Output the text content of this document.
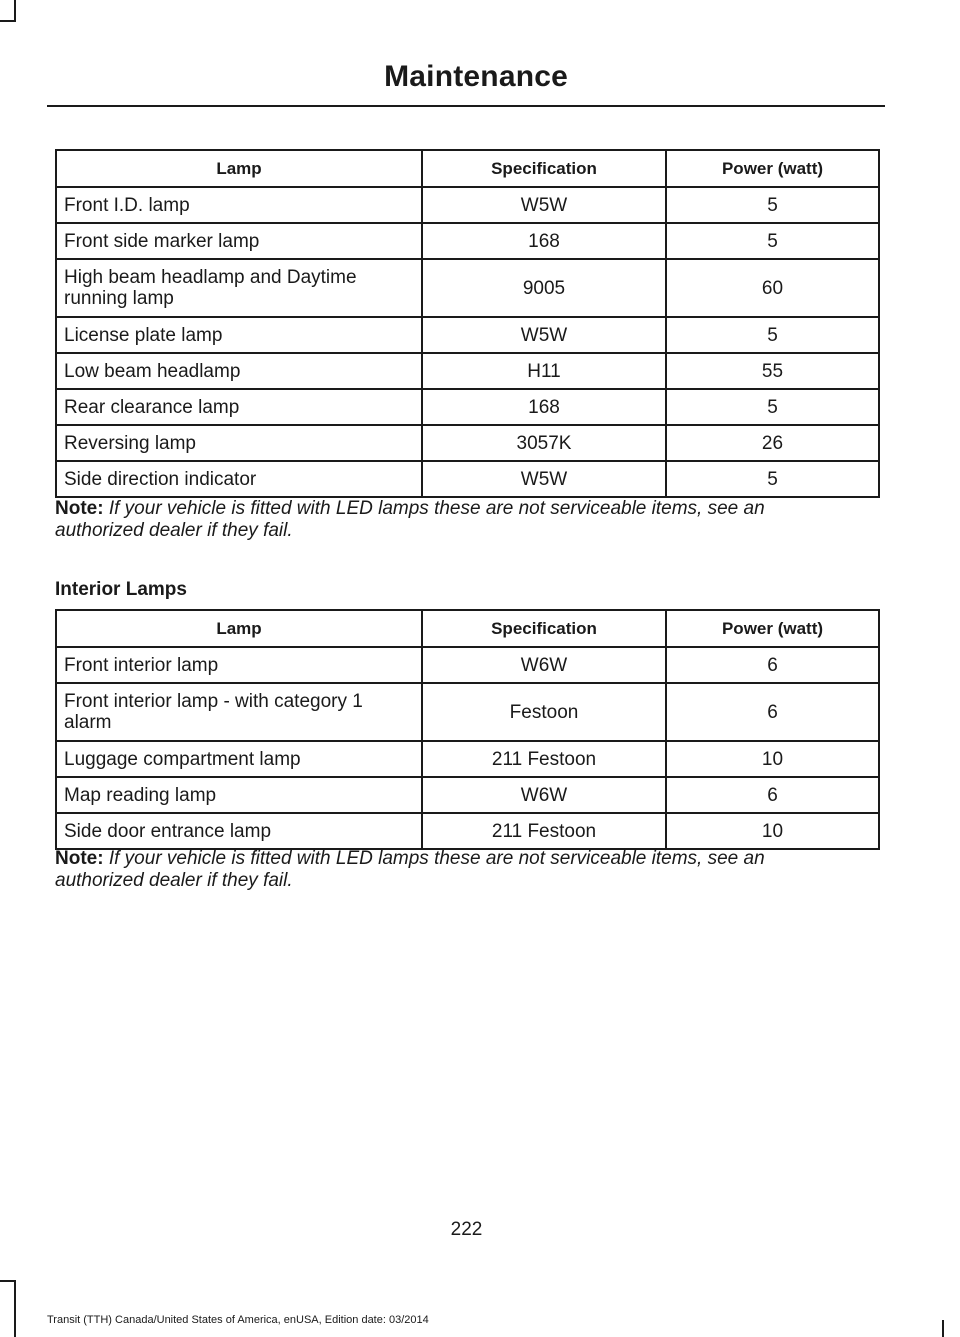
Maintenance
Lamp	Specification	Power (watt)
Front I.D. lamp	W5W	5
Front side marker lamp	168	5
High beam headlamp and Daytime running lamp	9005	60
License plate lamp	W5W	5
Low beam headlamp	H11	55
Rear clearance lamp	168	5
Reversing lamp	3057K	26
Side direction indicator	W5W	5
Note: If your vehicle is fitted with LED lamps these are not serviceable items, see an authorized dealer if they fail.
Interior Lamps
Lamp	Specification	Power (watt)
Front interior lamp	W6W	6
Front interior lamp - with category 1 alarm	Festoon	6
Luggage compartment lamp	211 Festoon	10
Map reading lamp	W6W	6
Side door entrance lamp	211 Festoon	10
Note: If your vehicle is fitted with LED lamps these are not serviceable items, see an authorized dealer if they fail.
222
Transit (TTH) Canada/United States of America, enUSA, Edition date: 03/2014
